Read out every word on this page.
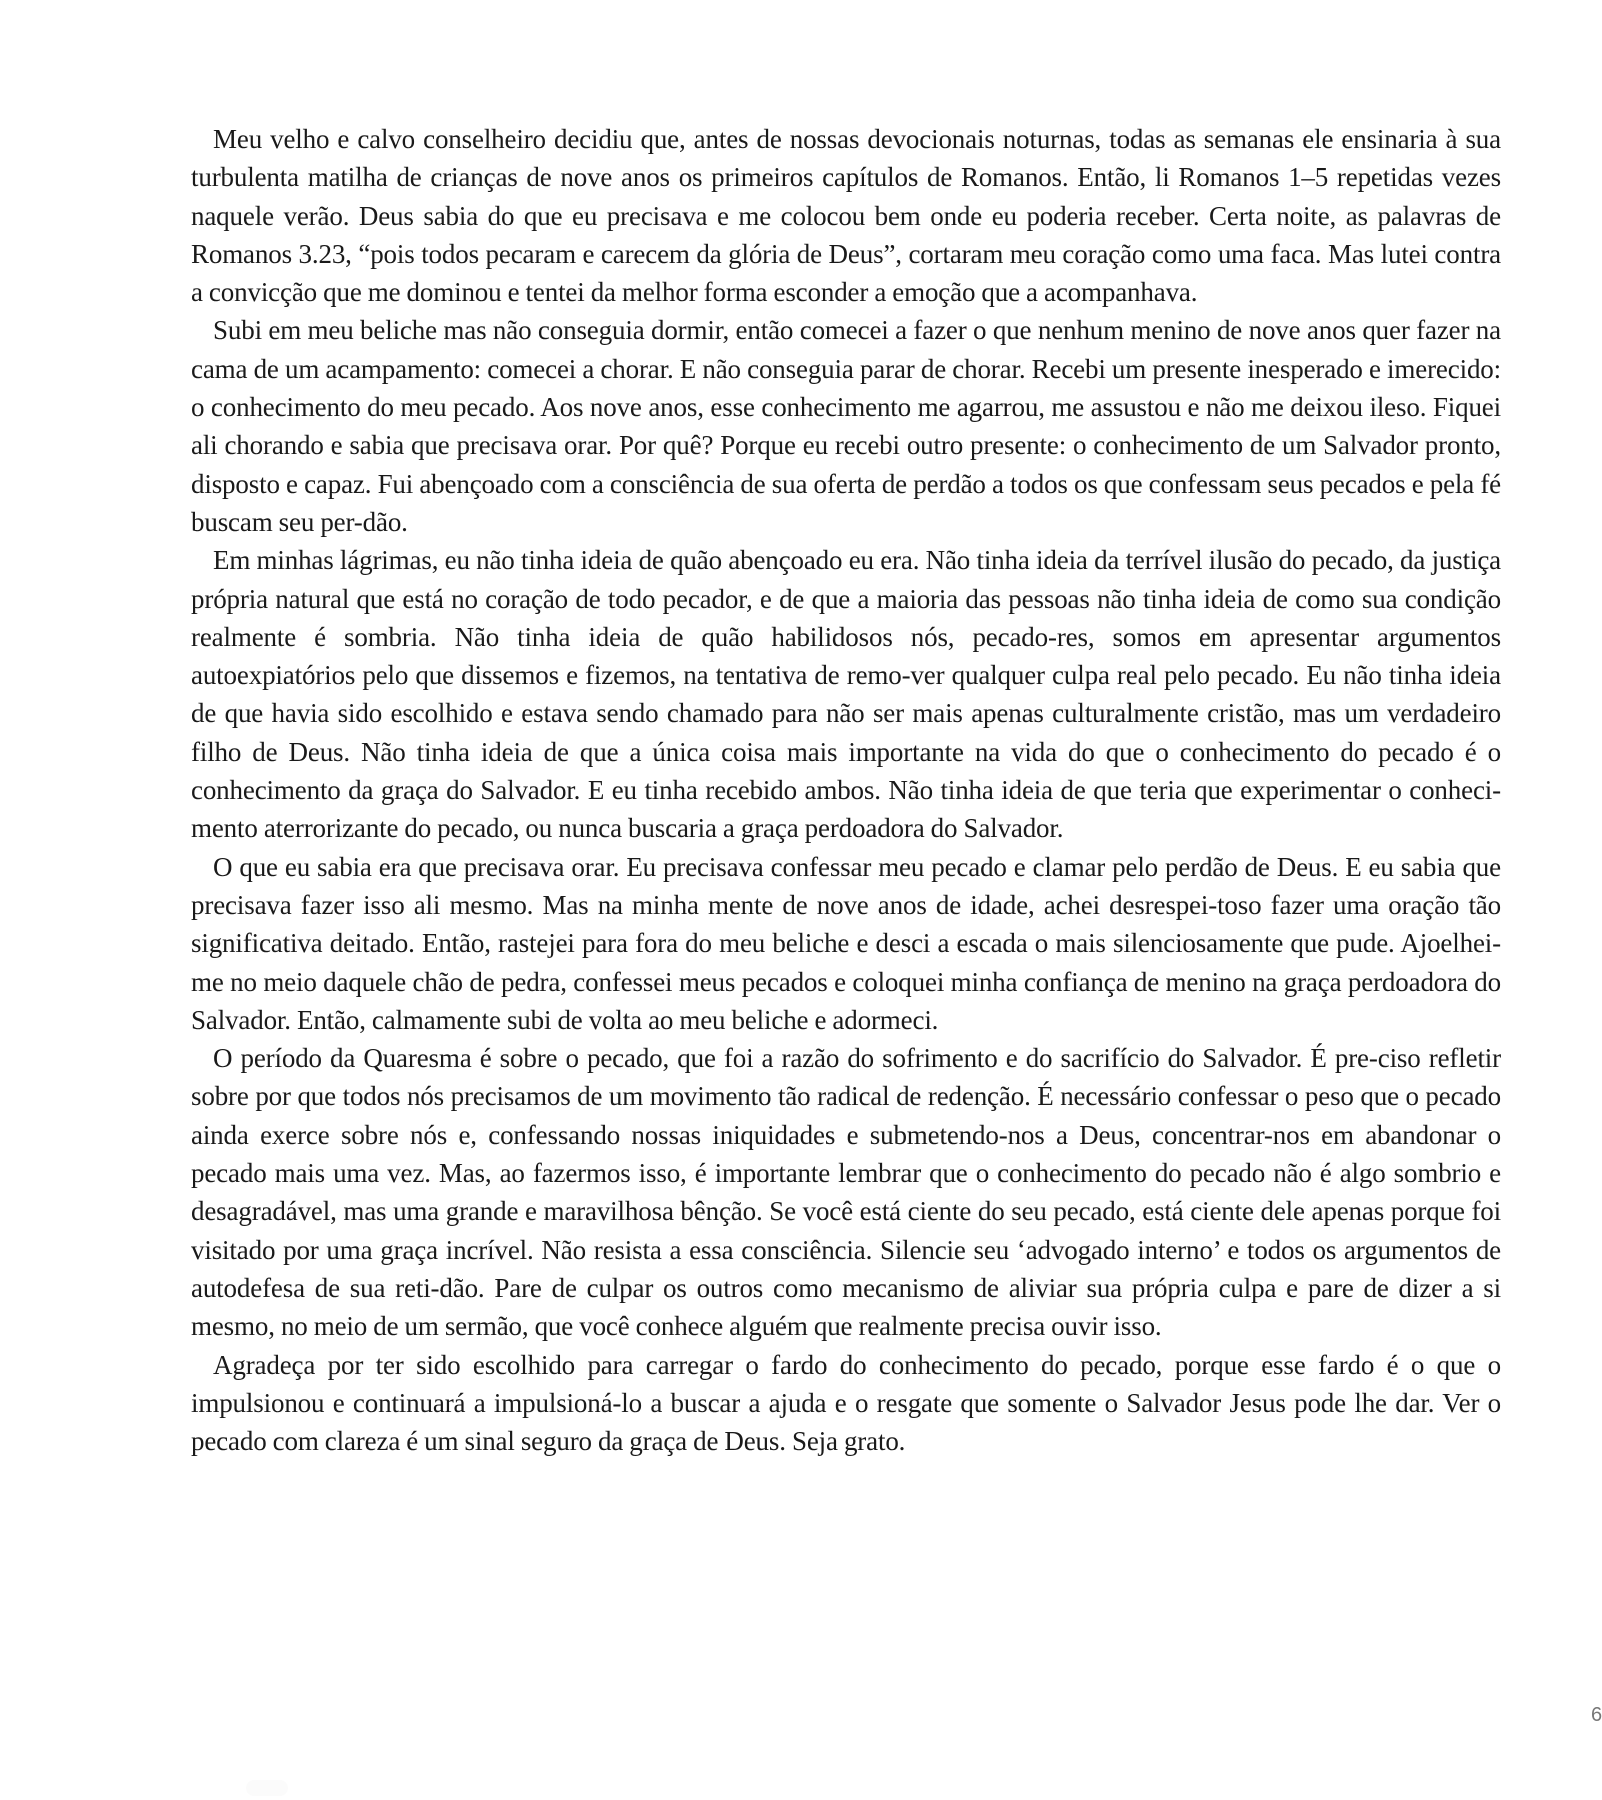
Meu velho e calvo conselheiro decidiu que, antes de nossas devocionais noturnas, todas as semanas ele ensinaria à sua turbulenta matilha de crianças de nove anos os primeiros capítulos de Romanos. Então, li Romanos 1–5 repetidas vezes naquele verão. Deus sabia do que eu precisava e me colocou bem onde eu poderia receber. Certa noite, as palavras de Romanos 3.23, “pois todos pecaram e carecem da glória de Deus”, cortaram meu coração como uma faca. Mas lutei contra a convicção que me dominou e tentei da melhor forma esconder a emoção que a acompanhava.

Subi em meu beliche mas não conseguia dormir, então comecei a fazer o que nenhum menino de nove anos quer fazer na cama de um acampamento: comecei a chorar. E não conseguia parar de chorar. Recebi um presente inesperado e imerecido: o conhecimento do meu pecado. Aos nove anos, esse conhecimento me agarrou, me assustou e não me deixou ileso. Fiquei ali chorando e sabia que precisava orar. Por quê? Porque eu recebi outro presente: o conhecimento de um Salvador pronto, disposto e capaz. Fui abençoado com a consciência de sua oferta de perdão a todos os que confessam seus pecados e pela fé buscam seu per-dão.

Em minhas lágrimas, eu não tinha ideia de quão abençoado eu era. Não tinha ideia da terrível ilusão do pecado, da justiça própria natural que está no coração de todo pecador, e de que a maioria das pessoas não tinha ideia de como sua condição realmente é sombria. Não tinha ideia de quão habilidosos nós, pecado-res, somos em apresentar argumentos autoexpiatórios pelo que dissemos e fizemos, na tentativa de remo-ver qualquer culpa real pelo pecado. Eu não tinha ideia de que havia sido escolhido e estava sendo chamado para não ser mais apenas culturalmente cristão, mas um verdadeiro filho de Deus. Não tinha ideia de que a única coisa mais importante na vida do que o conhecimento do pecado é o conhecimento da graça do Salvador. E eu tinha recebido ambos. Não tinha ideia de que teria que experimentar o conheci-mento aterrorizante do pecado, ou nunca buscaria a graça perdoadora do Salvador.

O que eu sabia era que precisava orar. Eu precisava confessar meu pecado e clamar pelo perdão de Deus. E eu sabia que precisava fazer isso ali mesmo. Mas na minha mente de nove anos de idade, achei desrespei-toso fazer uma oração tão significativa deitado. Então, rastejei para fora do meu beliche e desci a escada o mais silenciosamente que pude. Ajoelhei-me no meio daquele chão de pedra, confessei meus pecados e coloquei minha confiança de menino na graça perdoadora do Salvador. Então, calmamente subi de volta ao meu beliche e adormeci.

O período da Quaresma é sobre o pecado, que foi a razão do sofrimento e do sacrifício do Salvador. É pre-ciso refletir sobre por que todos nós precisamos de um movimento tão radical de redenção. É necessário confessar o peso que o pecado ainda exerce sobre nós e, confessando nossas iniquidades e submetendo-nos a Deus, concentrar-nos em abandonar o pecado mais uma vez. Mas, ao fazermos isso, é importante lembrar que o conhecimento do pecado não é algo sombrio e desagradável, mas uma grande e maravilhosa bênção. Se você está ciente do seu pecado, está ciente dele apenas porque foi visitado por uma graça incrível. Não resista a essa consciência. Silencie seu ‘advogado interno’ e todos os argumentos de autodefesa de sua reti-dão. Pare de culpar os outros como mecanismo de aliviar sua própria culpa e pare de dizer a si mesmo, no meio de um sermão, que você conhece alguém que realmente precisa ouvir isso.

Agradeça por ter sido escolhido para carregar o fardo do conhecimento do pecado, porque esse fardo é o que o impulsionou e continuará a impulsioná-lo a buscar a ajuda e o resgate que somente o Salvador Jesus pode lhe dar. Ver o pecado com clareza é um sinal seguro da graça de Deus. Seja grato.

6
